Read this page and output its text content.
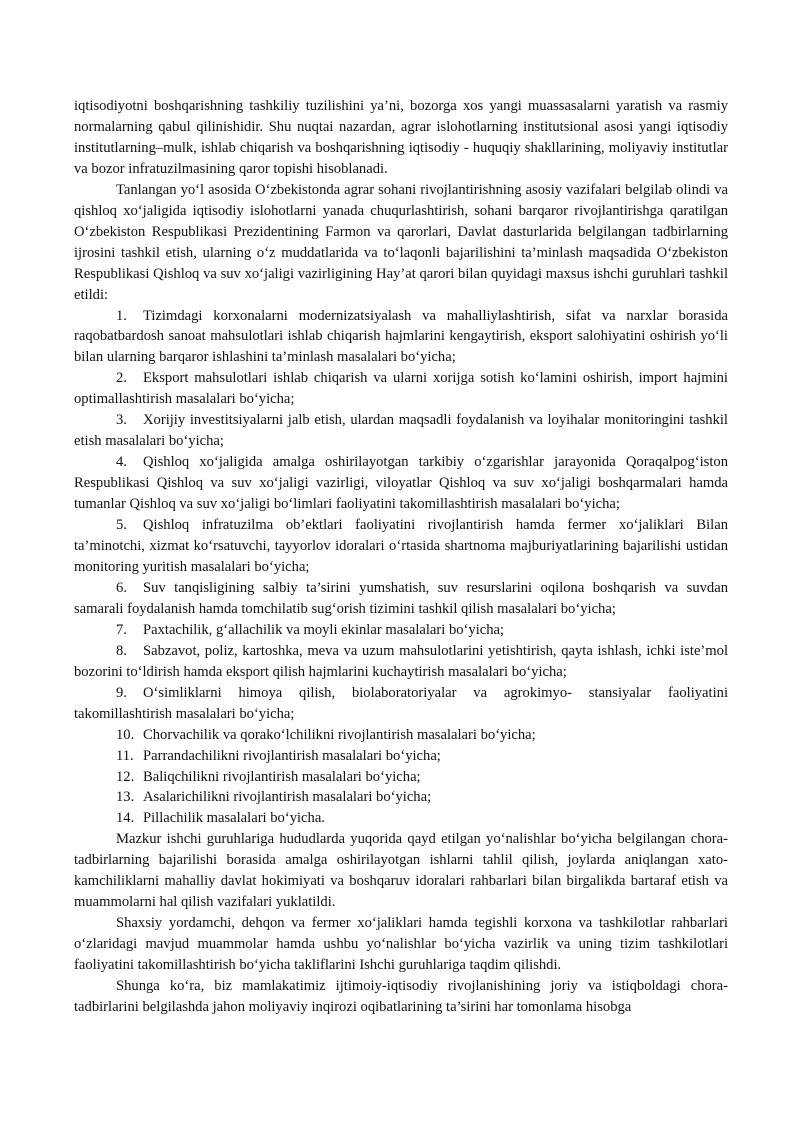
iqtisodiyotni boshqarishning tashkiliy tuzilishini ya’ni, bozorga xos yangi muassasalarni yaratish va rasmiy normalarning qabul qilinishidir. Shu nuqtai nazardan, agrar islohotlarning institutsional asosi yangi iqtisodiy institutlarning–mulk, ishlab chiqarish va boshqarishning iqtisodiy - huquqiy shakllarining, moliyaviy institutlar va bozor infratuzilmasining qaror topishi hisoblanadi.

Tanlangan yo‘l asosida O‘zbekistonda agrar sohani rivojlantirishning asosiy vazifalari belgilab olindi va qishloq xo‘jaligida iqtisodiy islohotlarni yanada chuqurlashtirish, sohani barqaror rivojlantirishga qaratilgan O‘zbekiston Respublikasi Prezidentining Farmon va qarorlari, Davlat dasturlarida belgilangan tadbirlarning ijrosini tashkil etish, ularning o‘z muddatlarida va to‘laqonli bajarilishini ta’minlash maqsadida O‘zbekiston Respublikasi Qishloq va suv xo‘jaligi vazirligining Hay’at qarori bilan quyidagi maxsus ishchi guruhlari tashkil etildi:

1. Tizimdagi korxonalarni modernizatsiyalash va mahalliylashtirish, sifat va narxlar borasida raqobatbardosh sanoat mahsulotlari ishlab chiqarish hajmlarini kengaytirish, eksport salohiyatini oshirish yo‘li bilan ularning barqaror ishlashini ta’minlash masalalari bo‘yicha;

2. Eksport mahsulotlari ishlab chiqarish va ularni xorijga sotish ko‘lamini oshirish, import hajmini optimallashtirish masalalari bo‘yicha;

3. Xorijiy investitsiyalarni jalb etish, ulardan maqsadli foydalanish va loyihalar monitoringini tashkil etish masalalari bo‘yicha;

4. Qishloq xo‘jaligida amalga oshirilayotgan tarkibiy o‘zgarishlar jarayonida Qoraqalpog‘iston Respublikasi Qishloq va suv xo‘jaligi vazirligi, viloyatlar Qishloq va suv xo‘jaligi boshqarmalari hamda tumanlar Qishloq va suv xo‘jaligi bo‘limlari faoliyatini takomillashtirish masalalari bo‘yicha;

5. Qishloq infratuzilma ob’ektlari faoliyatini rivojlantirish hamda fermer xo‘jaliklari Bilan ta’minotchi, xizmat ko‘rsatuvchi, tayyorlov idoralari o‘rtasida shartnoma majburiyatlarining bajarilishi ustidan monitoring yuritish masalalari bo‘yicha;

6. Suv tanqisligining salbiy ta’sirini yumshatish, suv resurslarini oqilona boshqarish va suvdan samarali foydalanish hamda tomchilatib sug‘orish tizimini tashkil qilish masalalari bo‘yicha;

7. Paxtachilik, g‘allachilik va moyli ekinlar masalalari bo‘yicha;

8. Sabzavot, poliz, kartoshka, meva va uzum mahsulotlarini yetishtirish, qayta ishlash, ichki iste’mol bozorini to‘ldirish hamda eksport qilish hajmlarini kuchaytirish masalalari bo‘yicha;

9. O‘simliklarni himoya qilish, biolaboratoriyalar va agrokimyo- stansiyalar faoliyatini takomillashtirish masalalari bo‘yicha;

10. Chorvachilik va qorako‘lchilikni rivojlantirish masalalari bo‘yicha;

11. Parrandachilikni rivojlantirish masalalari bo‘yicha;

12. Baliqchilikni rivojlantirish masalalari bo‘yicha;

13. Asalarichilikni rivojlantirish masalalari bo‘yicha;

14. Pillachilik masalalari bo‘yicha.

Mazkur ishchi guruhlariga hududlarda yuqorida qayd etilgan yo‘nalishlar bo‘yicha belgilangan chora-tadbirlarning bajarilishi borasida amalga oshirilayotgan ishlarni tahlil qilish, joylarda aniqlangan xato-kamchiliklarni mahalliy davlat hokimiyati va boshqaruv idoralari rahbarlari bilan birgalikda bartaraf etish va muammolarni hal qilish vazifalari yuklatildi.

Shaxsiy yordamchi, dehqon va fermer xo‘jaliklari hamda tegishli korxona va tashkilotlar rahbarlari o‘zlaridagi mavjud muammolar hamda ushbu yo‘nalishlar bo‘yicha vazirlik va uning tizim tashkilotlari faoliyatini takomillashtirish bo‘yicha takliflarini Ishchi guruhlariga taqdim qilishdi.

Shunga ko‘ra, biz mamlakatimiz ijtimoiy-iqtisodiy rivojlanishining joriy va istiqboldagi chora-tadbirlarini belgilashda jahon moliyaviy inqirozi oqibatlarining ta’sirini har tomonlama hisobga
